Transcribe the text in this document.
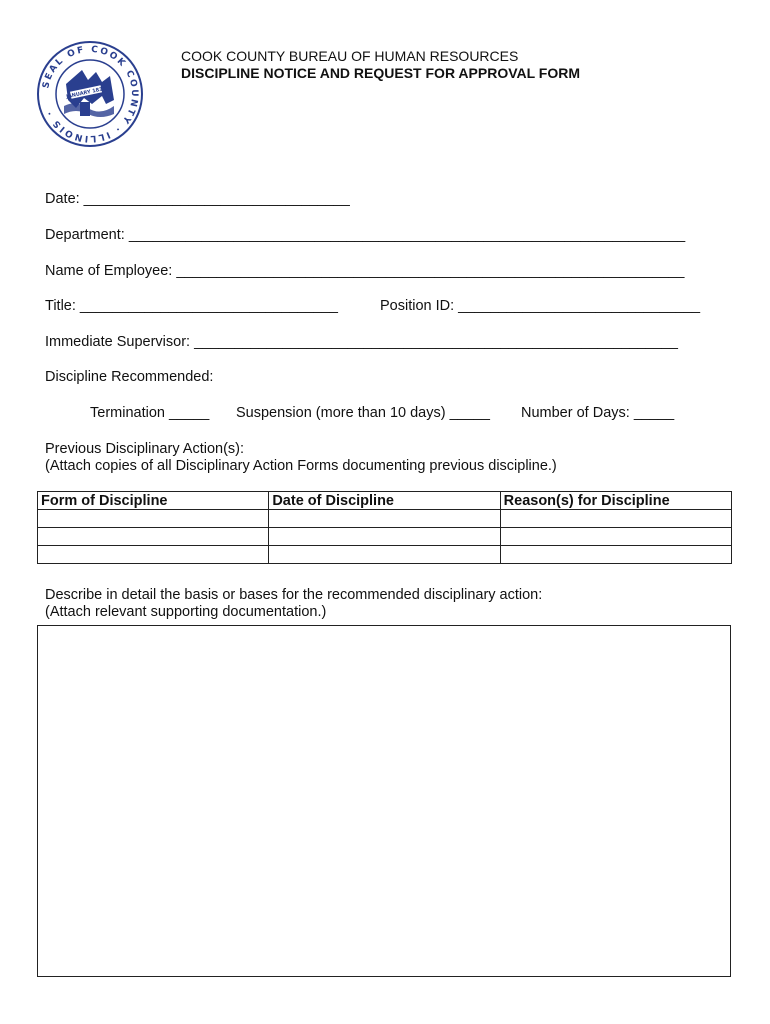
SEAL OF COOK COUNTY · ILLINOIS ·
JANUARY 1831
COOK COUNTY BUREAU OF HUMAN RESOURCES
DISCIPLINE NOTICE AND REQUEST FOR APPROVAL FORM
Date: _________________________________
Department: _____________________________________________________________________
Name of Employee: _______________________________________________________________
Title: ________________________________	Position ID: ______________________________
Immediate Supervisor: ____________________________________________________________
Discipline Recommended:
Termination _____ Suspension (more than 10 days) _____ Number of Days: _____
Previous Disciplinary Action(s):
(Attach copies of all Disciplinary Action Forms documenting previous discipline.)
Form of Discipline	Date of Discipline	Reason(s) for Discipline

Describe in detail the basis or bases for the recommended disciplinary action:
(Attach relevant supporting documentation.)
